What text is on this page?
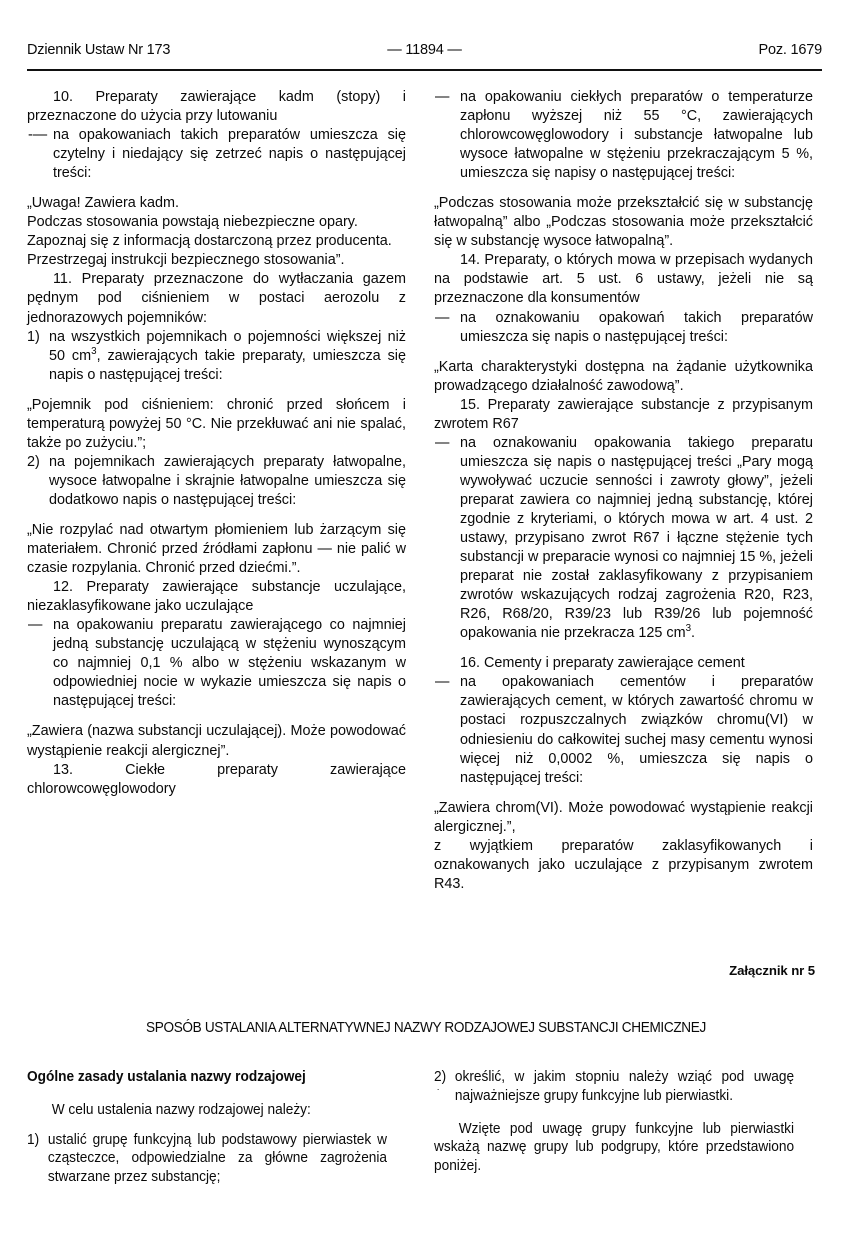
Dziennik Ustaw Nr 173	— 11894 —	Poz. 1679

10. Preparaty zawierające kadm (stopy) i przeznaczone do użycia przy lutowaniu

-— na opakowaniach takich preparatów umieszcza się czytelny i niedający się zetrzeć napis o następującej treści:

„Uwaga! Zawiera kadm.

Podczas stosowania powstają niebezpieczne opary.

Zapoznaj się z informacją dostarczoną przez producenta.

Przestrzegaj instrukcji bezpiecznego stosowania”.

11. Preparaty przeznaczone do wytłaczania gazem pędnym pod ciśnieniem w postaci aerozolu z jednorazowych pojemników:

1) na wszystkich pojemnikach o pojemności większej niż 50 $cm^3$, zawierających takie preparaty, umieszcza się napis o następującej treści:

„Pojemnik pod ciśnieniem: chronić przed słońcem i temperaturą powyżej 50 °C. Nie przekłuwać ani nie spalać, także po zużyciu.”;

2) na pojemnikach zawierających preparaty łatwopalne, wysoce łatwopalne i skrajnie łatwopalne umieszcza się dodatkowo napis o następującej treści:

„Nie rozpylać nad otwartym płomieniem lub żarzącym się materiałem. Chronić przed źródłami zapłonu — nie palić w czasie rozpylania. Chronić przed dziećmi.”.

12. Preparaty zawierające substancje uczulające, niezaklasyfikowane jako uczulające

— na opakowaniu preparatu zawierającego co najmniej jedną substancję uczulającą w stężeniu wynoszącym co najmniej 0,1 % albo w stężeniu wskazanym w odpowiedniej nocie w wykazie umieszcza się napis o następującej treści:

„Zawiera (nazwa substancji uczulającej). Może powodować wystąpienie reakcji alergicznej”.

13. Ciekłe preparaty zawierające chlorowcowęglowodory

— na opakowaniu ciekłych preparatów o temperaturze zapłonu wyższej niż 55 °C, zawierających chlorowcowęglowodory i substancje łatwopalne lub wysoce łatwopalne w stężeniu przekraczającym 5 %, umieszcza się napisy o następującej treści:

„Podczas stosowania może przekształcić się w substancję łatwopalną” albo „Podczas stosowania może przekształcić się w substancję wysoce łatwopalną”.

14. Preparaty, o których mowa w przepisach wydanych na podstawie art. 5 ust. 6 ustawy, jeżeli nie są przeznaczone dla konsumentów

— na oznakowaniu opakowań takich preparatów umieszcza się napis o następującej treści:

„Karta charakterystyki dostępna na żądanie użytkownika prowadzącego działalność zawodową”.

15. Preparaty zawierające substancje z przypisanym zwrotem R67

— na oznakowaniu opakowania takiego preparatu umieszcza się napis o następującej treści „Pary mogą wywoływać uczucie senności i zawroty głowy”, jeżeli preparat zawiera co najmniej jedną substancję, której zgodnie z kryteriami, o których mowa w art. 4 ust. 2 ustawy, przypisano zwrot R67 i łączne stężenie tych substancji w preparacie wynosi co najmniej 15 %, jeżeli preparat nie został zaklasyfikowany z przypisaniem zwrotów wskazujących rodzaj zagrożenia R20, R23, R26, R68/20, R39/23 lub R39/26 lub pojemność opakowania nie przekracza 125 $cm^3$.

16. Cementy i preparaty zawierające cement

— na opakowaniach cementów i preparatów zawierających cement, w których zawartość chromu w postaci rozpuszczalnych związków chromu(VI) w odniesieniu do całkowitej suchej masy cementu wynosi więcej niż 0,0002 %, umieszcza się napis o następującej treści:

„Zawiera chrom(VI). Może powodować wystąpienie reakcji alergicznej.”,

z wyjątkiem preparatów zaklasyfikowanych i oznakowanych jako uczulające z przypisanym zwrotem R43.

Załącznik nr 5
SPOSÓB USTALANIA ALTERNATYWNEJ NAZWY RODZAJOWEJ SUBSTANCJI CHEMICZNEJ
Ogólne zasady ustalania nazwy rodzajowej

W celu ustalenia nazwy rodzajowej należy:

1) ustalić grupę funkcyjną lub podstawowy pierwiastek w cząsteczce, odpowiedzialne za główne zagrożenia stwarzane przez substancję;
2)
˙
określić, w jakim stopniu należy wziąć pod uwagę najważniejsze grupy funkcyjne lub pierwiastki.

Wzięte pod uwagę grupy funkcyjne lub pierwiastki wskażą nazwę grupy lub podgrupy, które przedstawiono poniżej.
